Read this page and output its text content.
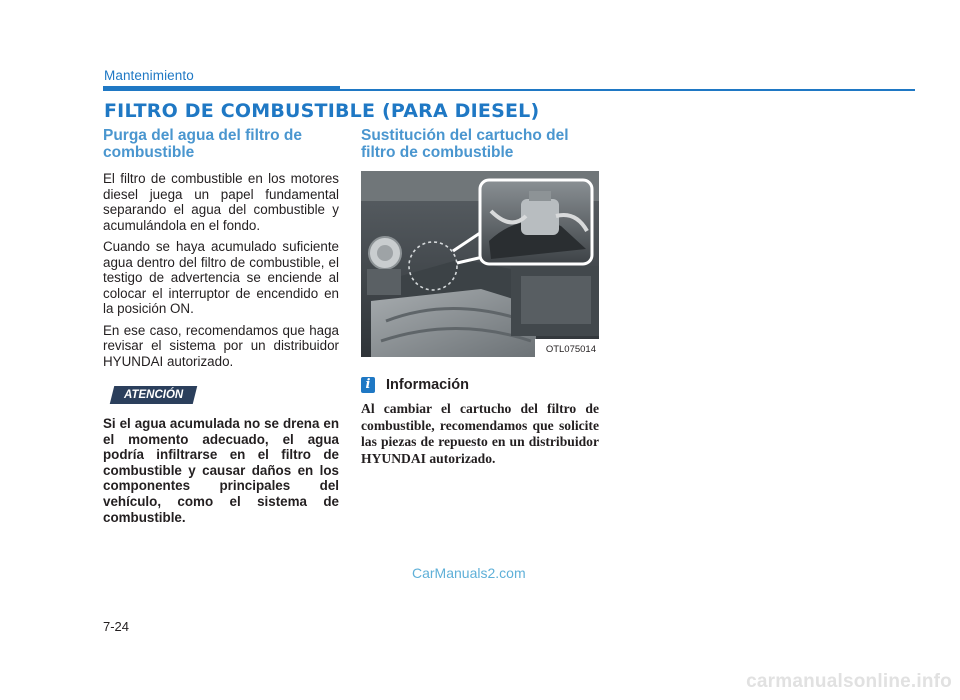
Mantenimiento
FILTRO DE COMBUSTIBLE (PARA DIESEL)
Purga del agua del filtro de combustible

El filtro de combustible en los motores diesel juega un papel fundamental separando el agua del combustible y acumulándola en el fondo.

Cuando se haya acumulado suficiente agua dentro del filtro de combustible, el testigo de advertencia se enciende al colocar el interruptor de encendido en la posición ON.

En ese caso, recomendamos que haga revisar el sistema por un distribuidor HYUNDAI autorizado.

ATENCIÓN

Si el agua acumulada no se drena en el momento adecuado, el agua podría infiltrarse en el filtro de combustible y causar daños en los componentes principales del vehículo, como el sistema de combustible.

Sustitución del cartucho del filtro de combustible
OTL075014
i	Información

Al cambiar el cartucho del filtro de combustible, recomendamos que solicite las piezas de repuesto en un distribuidor HYUNDAI autorizado.

CarManuals2.com
7-24
carmanualsonline.info
